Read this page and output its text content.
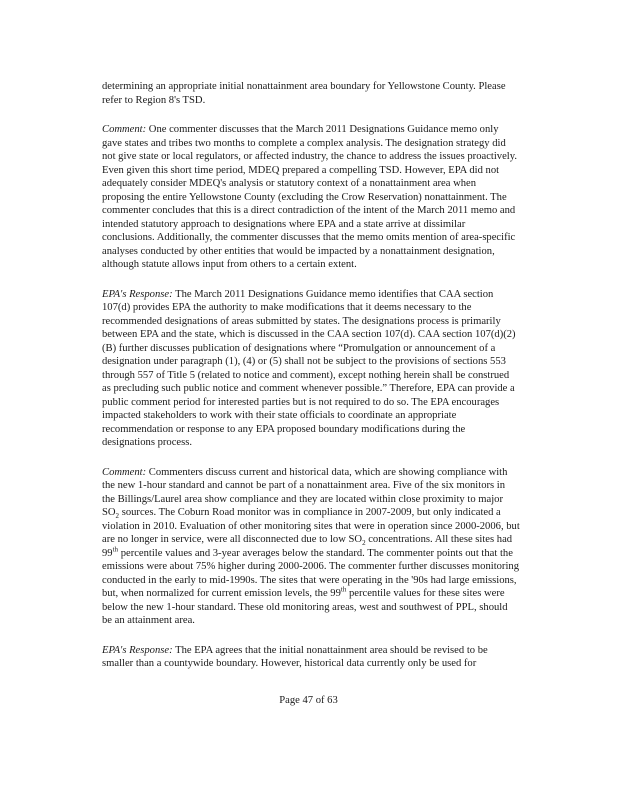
determining an appropriate initial nonattainment area boundary for Yellowstone County. Please refer to Region 8's TSD.

Comment: One commenter discusses that the March 2011 Designations Guidance memo only gave states and tribes two months to complete a complex analysis. The designation strategy did not give state or local regulators, or affected industry, the chance to address the issues proactively. Even given this short time period, MDEQ prepared a compelling TSD. However, EPA did not adequately consider MDEQ's analysis or statutory context of a nonattainment area when proposing the entire Yellowstone County (excluding the Crow Reservation) nonattainment. The commenter concludes that this is a direct contradiction of the intent of the March 2011 memo and intended statutory approach to designations where EPA and a state arrive at dissimilar conclusions. Additionally, the commenter discusses that the memo omits mention of area-specific analyses conducted by other entities that would be impacted by a nonattainment designation, although statute allows input from others to a certain extent.

EPA's Response: The March 2011 Designations Guidance memo identifies that CAA section 107(d) provides EPA the authority to make modifications that it deems necessary to the recommended designations of areas submitted by states. The designations process is primarily between EPA and the state, which is discussed in the CAA section 107(d). CAA section 107(d)(2)(B) further discusses publication of designations where “Promulgation or announcement of a designation under paragraph (1), (4) or (5) shall not be subject to the provisions of sections 553 through 557 of Title 5 (related to notice and comment), except nothing herein shall be construed as precluding such public notice and comment whenever possible.” Therefore, EPA can provide a public comment period for interested parties but is not required to do so. The EPA encourages impacted stakeholders to work with their state officials to coordinate an appropriate recommendation or response to any EPA proposed boundary modifications during the designations process.

Comment: Commenters discuss current and historical data, which are showing compliance with the new 1-hour standard and cannot be part of a nonattainment area. Five of the six monitors in the Billings/Laurel area show compliance and they are located within close proximity to major $SO_2$ sources. The Coburn Road monitor was in compliance in 2007-2009, but only indicated a violation in 2010. Evaluation of other monitoring sites that were in operation since 2000-2006, but are no longer in service, were all disconnected due to low $SO_2$ concentrations. All these sites had 99th percentile values and 3-year averages below the standard. The commenter points out that the emissions were about 75% higher during 2000-2006. The commenter further discusses monitoring conducted in the early to mid-1990s. The sites that were operating in the '90s had large emissions, but, when normalized for current emission levels, the 99th percentile values for these sites were below the new 1-hour standard. These old monitoring areas, west and southwest of PPL, should be an attainment area.

EPA's Response: The EPA agrees that the initial nonattainment area should be revised to be smaller than a countywide boundary. However, historical data currently only be used for

Page 47 of 63
